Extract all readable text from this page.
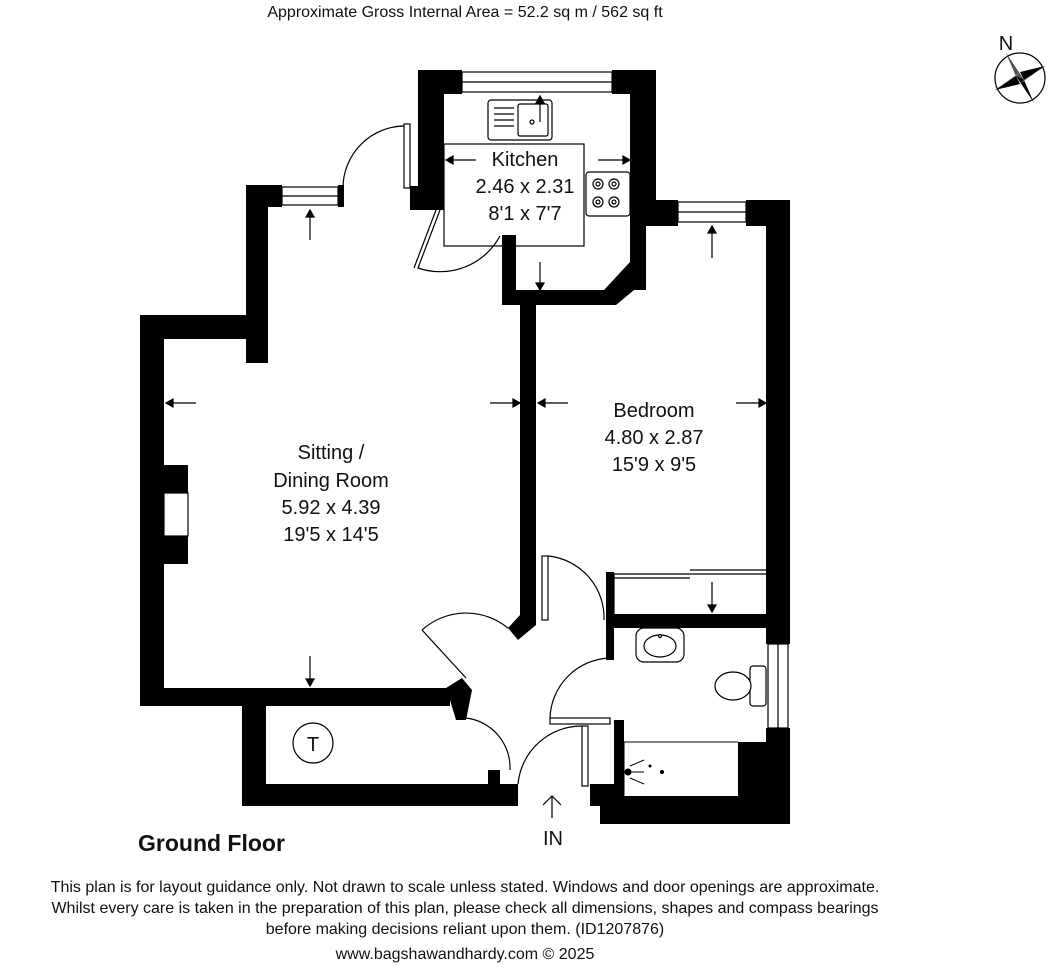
Approximate Gross Internal Area = 52.2 sq m / 562 sq ft
T
Kitchen
2.46 x 2.31
8'1 x 7'7
Sitting /
Dining Room
5.92 x 4.39
19'5 x 14'5
Bedroom
4.80 x 2.87
15'9 x 9'5
IN
N
Ground Floor
This plan is for layout guidance only. Not drawn to scale unless stated. Windows and door openings are approximate.
Whilst every care is taken in the preparation of this plan, please check all dimensions, shapes and compass bearings
before making decisions reliant upon them. (ID1207876)
www.bagshawandhardy.com © 2025
